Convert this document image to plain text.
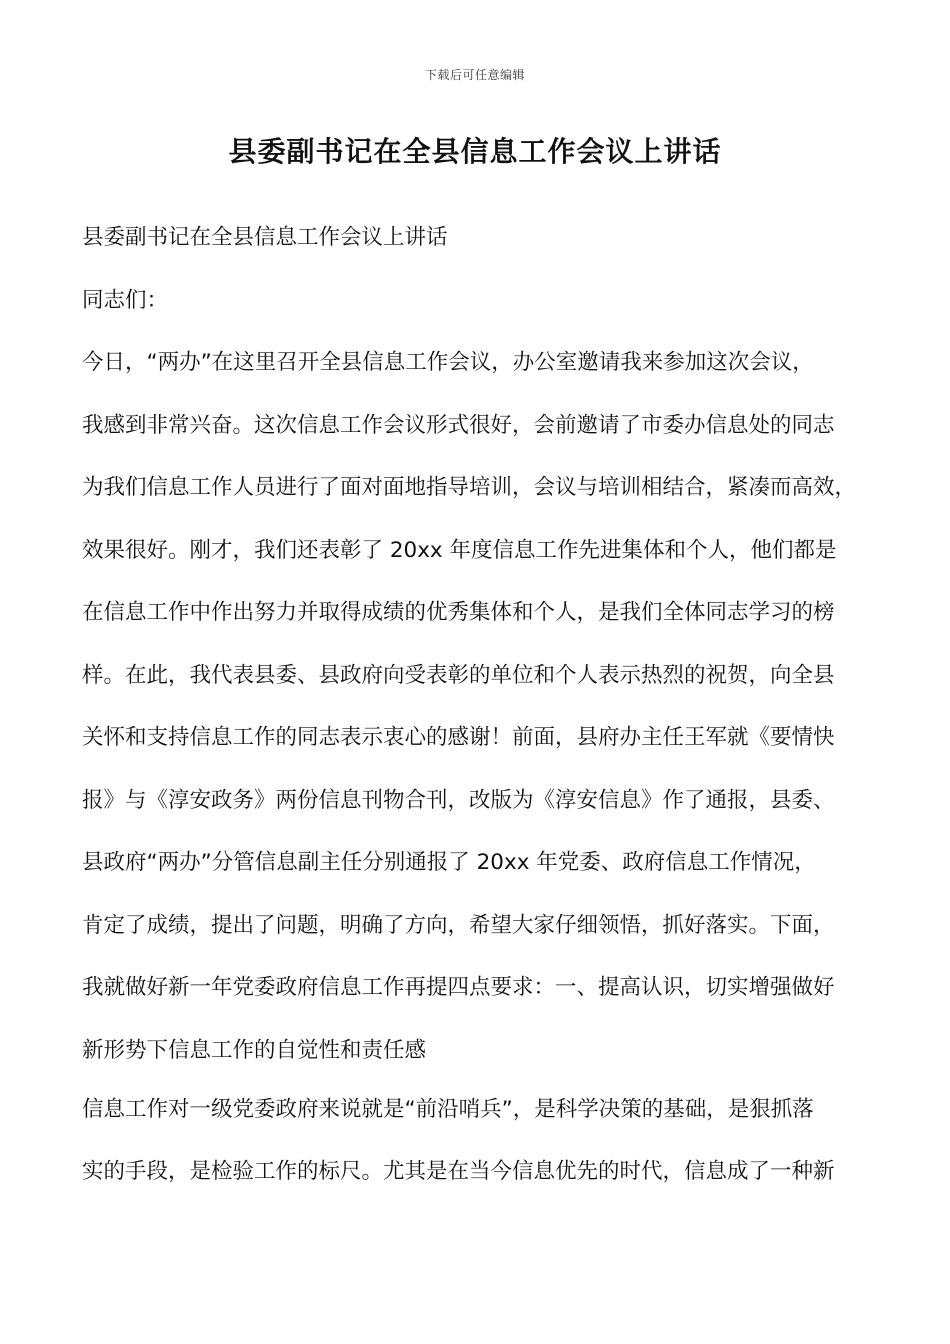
下载后可任意编辑
县委副书记在全县信息工作会议上讲话
县委副书记在全县信息工作会议上讲话
同志们：
今日，“两办”在这里召开全县信息工作会议，办公室邀请我来参加这次会议，
我感到非常兴奋。这次信息工作会议形式很好，会前邀请了市委办信息处的同志
为我们信息工作人员进行了面对面地指导培训，会议与培训相结合，紧凑而高效，
效果很好。刚才，我们还表彰了 20xx 年度信息工作先进集体和个人，他们都是
在信息工作中作出努力并取得成绩的优秀集体和个人，是我们全体同志学习的榜
样。在此，我代表县委、县政府向受表彰的单位和个人表示热烈的祝贺，向全县
关怀和支持信息工作的同志表示衷心的感谢！前面，县府办主任王军就《要情快
报》与《淳安政务》两份信息刊物合刊，改版为《淳安信息》作了通报，县委、
县政府“两办”分管信息副主任分别通报了 20xx 年党委、政府信息工作情况，
肯定了成绩，提出了问题，明确了方向，希望大家仔细领悟，抓好落实。下面，
我就做好新一年党委政府信息工作再提四点要求：一、提高认识，切实增强做好
新形势下信息工作的自觉性和责任感
信息工作对一级党委政府来说就是“前沿哨兵”，是科学决策的基础，是狠抓落
实的手段，是检验工作的标尺。尤其是在当今信息优先的时代，信息成了一种新
